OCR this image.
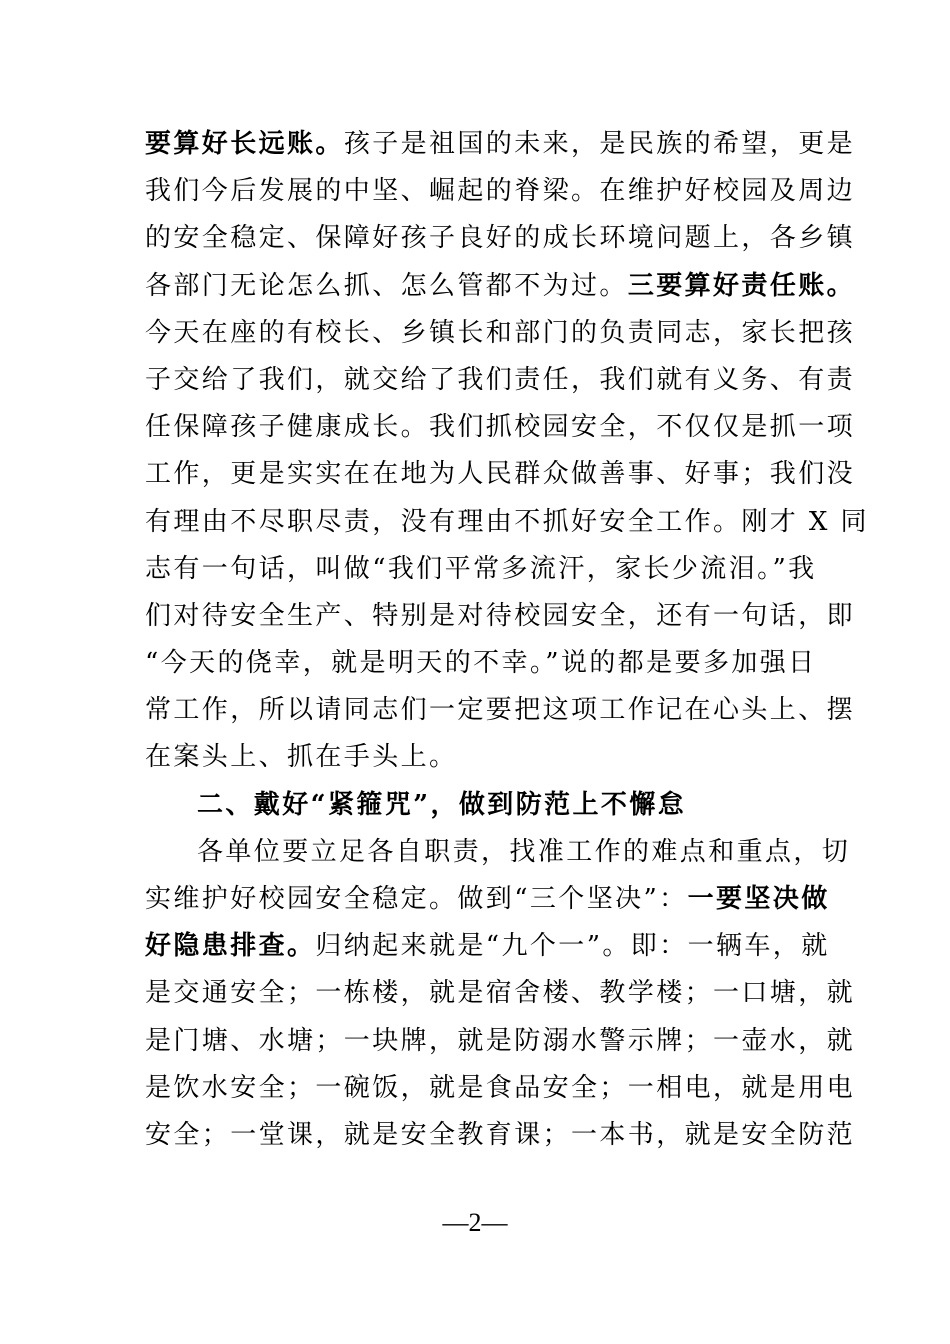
要算好长远账。孩子是祖国的未来，是民族的希望，更是
我们今后发展的中坚、崛起的脊梁。在维护好校园及周边
的安全稳定、保障好孩子良好的成长环境问题上，各乡镇
各部门无论怎么抓、怎么管都不为过。三要算好责任账。
今天在座的有校长、乡镇长和部门的负责同志，家长把孩
子交给了我们，就交给了我们责任，我们就有义务、有责
任保障孩子健康成长。我们抓校园安全，不仅仅是抓一项
工作，更是实实在在地为人民群众做善事、好事；我们没
有理由不尽职尽责，没有理由不抓好安全工作。刚才 X 同
志有一句话，叫做“我们平常多流汗，家长少流泪。”我
们对待安全生产、特别是对待校园安全，还有一句话，即
“今天的侥幸，就是明天的不幸。”说的都是要多加强日
常工作，所以请同志们一定要把这项工作记在心头上、摆
在案头上、抓在手头上。
二、戴好“紧箍咒”，做到防范上不懈怠
各单位要立足各自职责，找准工作的难点和重点，切
实维护好校园安全稳定。做到“三个坚决”：一要坚决做
好隐患排查。归纳起来就是“九个一”。即：一辆车，就
是交通安全；一栋楼，就是宿舍楼、教学楼；一口塘，就
是门塘、水塘；一块牌，就是防溺水警示牌；一壶水，就
是饮水安全；一碗饭，就是食品安全；一相电，就是用电
安全；一堂课，就是安全教育课；一本书，就是安全防范
—2—
